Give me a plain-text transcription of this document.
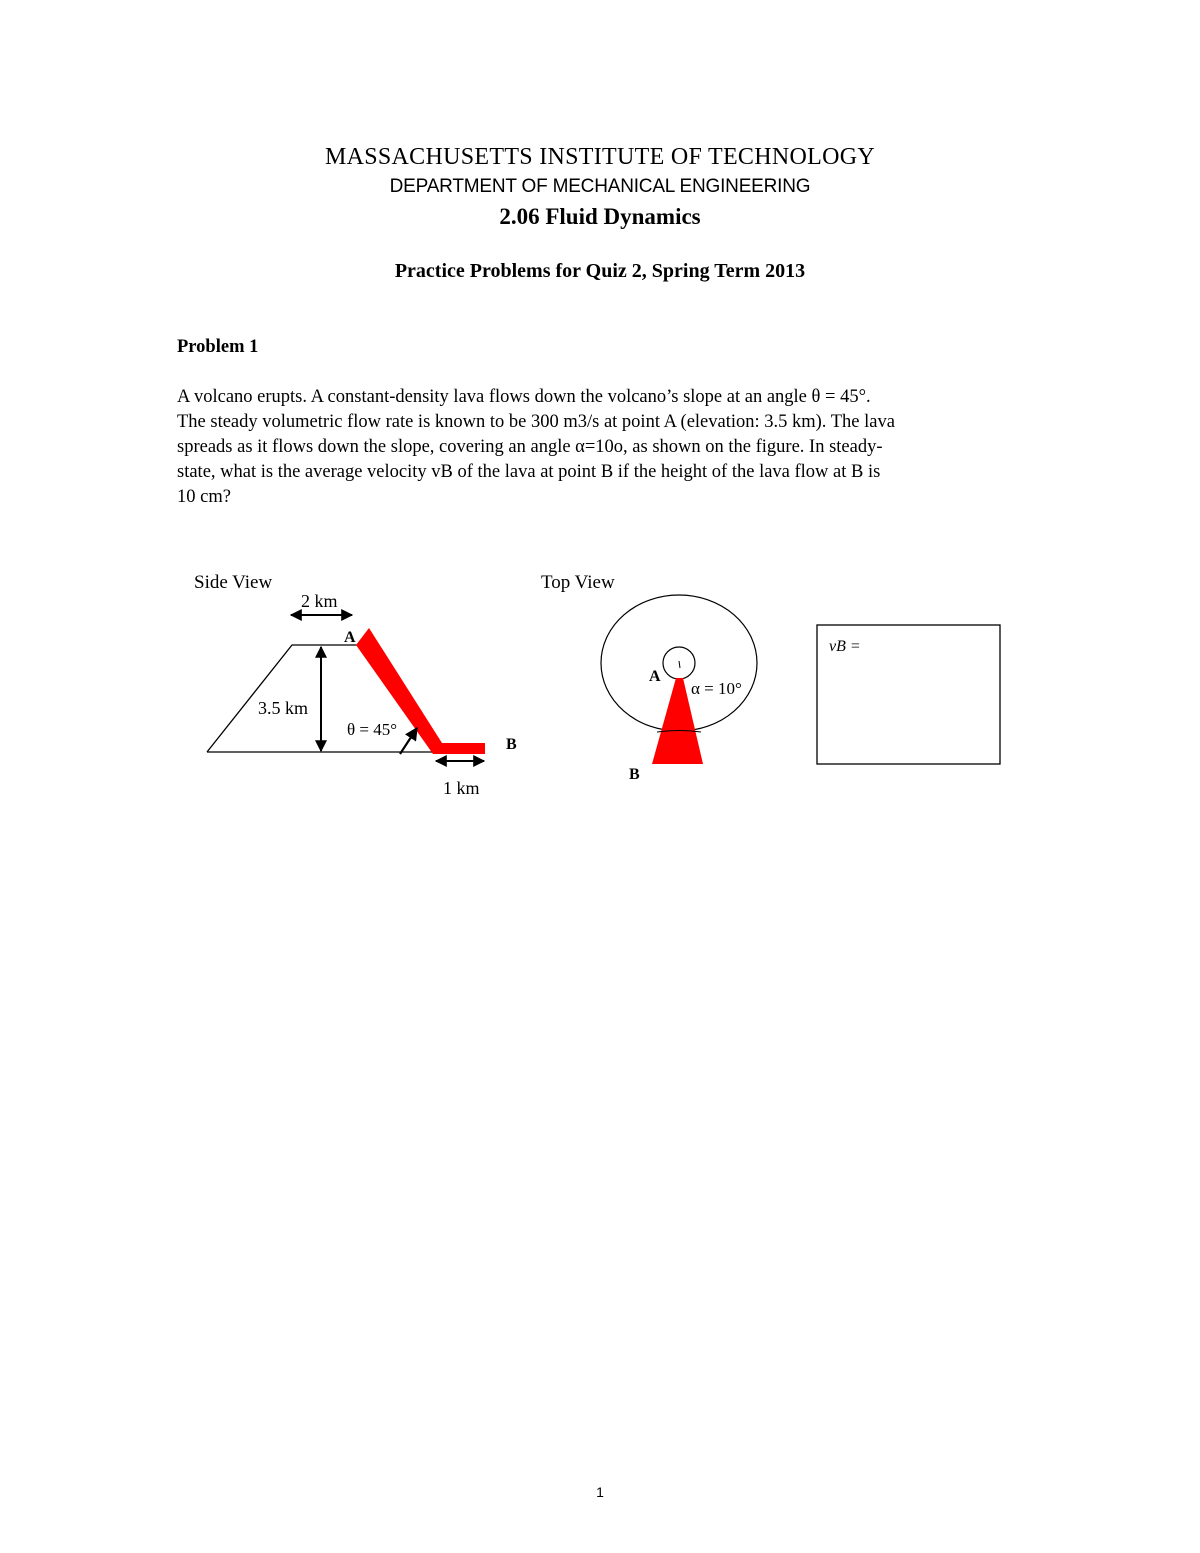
MASSACHUSETTS INSTITUTE OF TECHNOLOGY
DEPARTMENT OF MECHANICAL ENGINEERING
2.06 Fluid Dynamics
Practice Problems for Quiz 2, Spring Term 2013
Problem 1
A volcano erupts. A constant-density lava flows down the volcano’s slope at an angle θ = 45°.
The steady volumetric flow rate is known to be 300 m3/s at point A (elevation: 3.5 km). The lava
spreads as it flows down the slope, covering an angle α=10o, as shown on the figure. In steady-
state, what is the average velocity vB of the lava at point B if the height of the lava flow at B is
10 cm?
Side View
2 km
3.5 km
θ = 45°
1 km
A
B
Top View
α = 10°
A
B
vB =
1
